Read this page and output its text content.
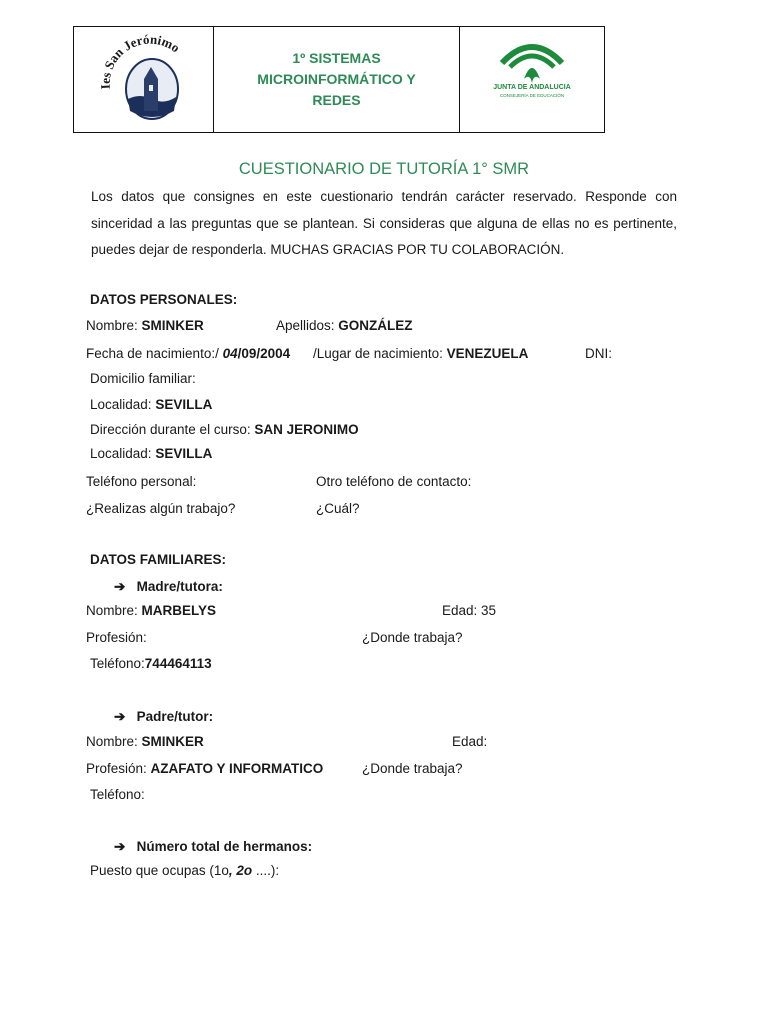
Ies San Jerónimo
1º SISTEMAS MICROINFORMÁTICO Y REDES
JUNTA DE ANDALUCIA
CONSEJERÍA DE EDUCACIÓN
CUESTIONARIO DE TUTORÍA 1° SMR
Los datos que consignes en este cuestionario tendrán carácter reservado. Responde con sinceridad a las preguntas que se plantean. Si consideras que alguna de ellas no es pertinente, puedes dejar de responderla. MUCHAS GRACIAS POR TU COLABORACIÓN.
DATOS PERSONALES:
Nombre: SMINKER	Apellidos: GONZÁLEZ
Fecha de nacimiento:/ 04/09/2004 /Lugar de nacimiento: VENEZUELA	DNI:
Domicilio familiar:
Localidad: SEVILLA
Dirección durante el curso: SAN JERONIMO
Localidad: SEVILLA
Teléfono personal:	Otro teléfono de contacto:
¿Realizas algún trabajo?	¿Cuál?
DATOS FAMILIARES:
➔ Madre/tutora:
Nombre: MARBELYS	Edad: 35
Profesión:	¿Donde trabaja?
Teléfono:744464113
➔ Padre/tutor:
Nombre: SMINKER	Edad:
Profesión: AZAFATO Y INFORMATICO	¿Donde trabaja?
Teléfono:
➔ Número total de hermanos:
Puesto que ocupas (1o, 2o ....):
